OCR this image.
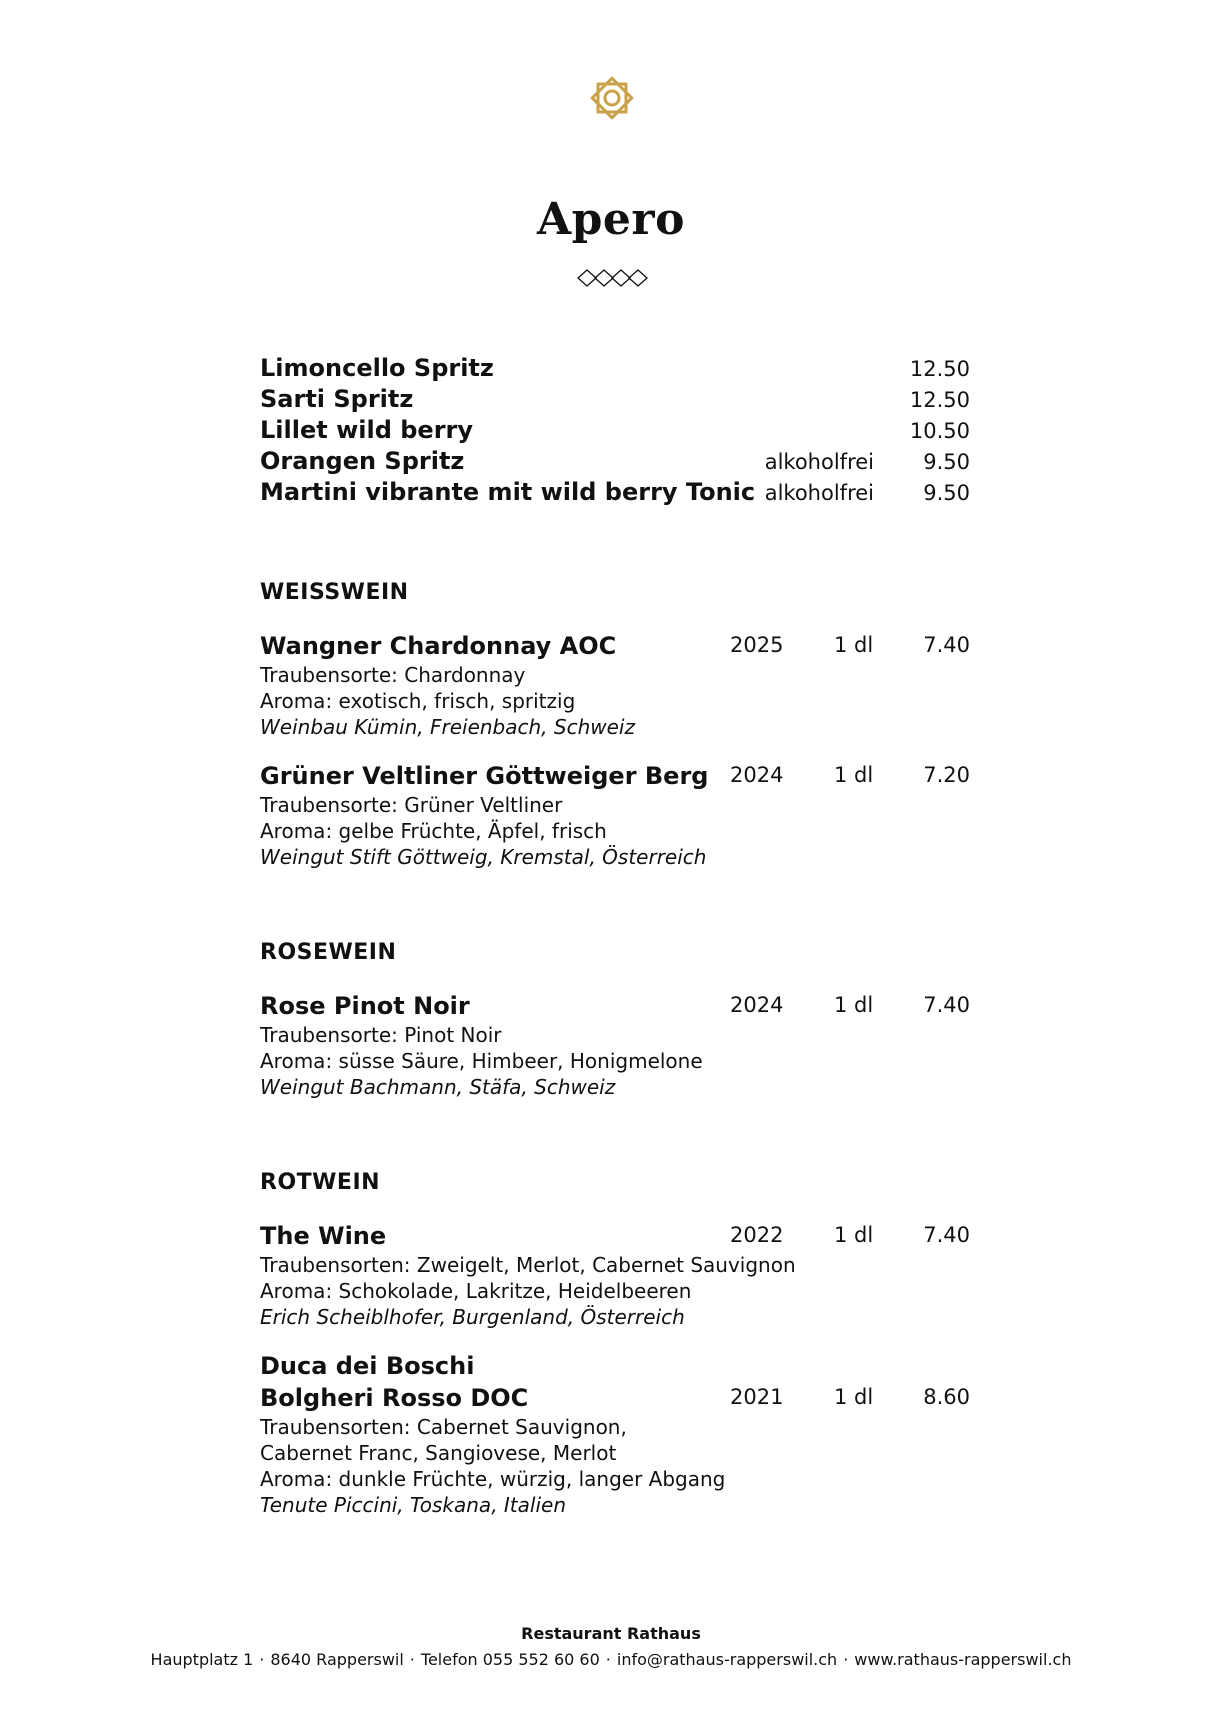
Apero
Limoncello Spritz	12.50
Sarti Spritz	12.50
Lillet wild berry	10.50
Orangen Spritz	alkoholfrei 9.50
Martini vibrante mit wild berry Tonic alkoholfrei 9.50
WEISSWEIN
Wangner Chardonnay AOC	2025 1 dl 7.40
Traubensorte: Chardonnay
Aroma: exotisch, frisch, spritzig
Weinbau Kümin, Freienbach, Schweiz
Grüner Veltliner Göttweiger Berg	2024 1 dl 7.20
Traubensorte: Grüner Veltliner
Aroma: gelbe Früchte, Äpfel, frisch
Weingut Stift Göttweig, Kremstal, Österreich
ROSEWEIN
Rose Pinot Noir	2024 1 dl 7.40
Traubensorte: Pinot Noir
Aroma: süsse Säure, Himbeer, Honigmelone
Weingut Bachmann, Stäfa, Schweiz
ROTWEIN
The Wine	2022 1 dl 7.40
Traubensorten: Zweigelt, Merlot, Cabernet Sauvignon
Aroma: Schokolade, Lakritze, Heidelbeeren
Erich Scheiblhofer, Burgenland, Österreich
Duca dei Boschi
Bolgheri Rosso DOC	2021 1 dl 8.60
Traubensorten: Cabernet Sauvignon,
Cabernet Franc, Sangiovese, Merlot
Aroma: dunkle Früchte, würzig, langer Abgang
Tenute Piccini, Toskana, Italien
Restaurant Rathaus
Hauptplatz 1 · 8640 Rapperswil · Telefon 055 552 60 60 · info@rathaus-rapperswil.ch · www.rathaus-rapperswil.ch
